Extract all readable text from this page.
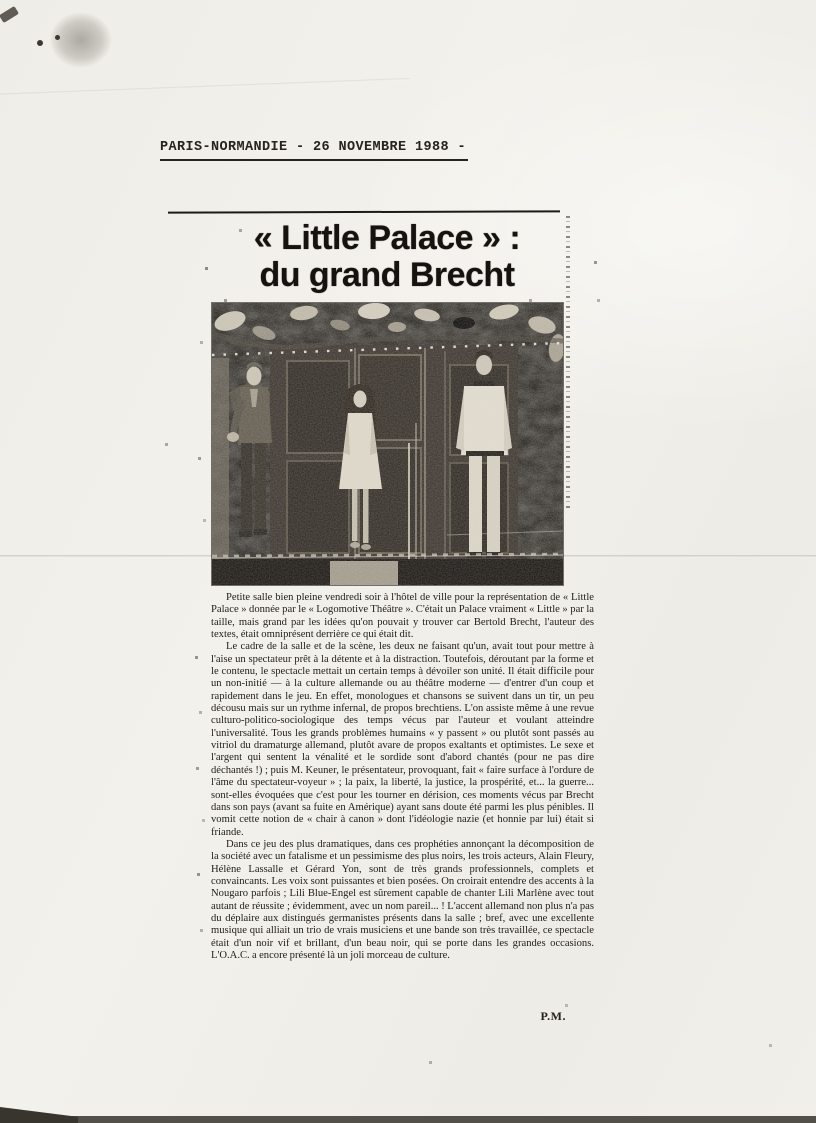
PARIS-NORMANDIE - 26 NOVEMBRE 1988 -
« Little Palace » :
du grand Brecht

Petite salle bien pleine vendredi soir à l'hôtel de ville pour la représentation de « Little Palace » donnée par le « Logomotive Théâtre ». C'était un Palace vraiment « Little » par la taille, mais grand par les idées qu'on pouvait y trouver car Bertold Brecht, l'auteur des textes, était omniprésent derrière ce qui était dit.

Le cadre de la salle et de la scène, les deux ne faisant qu'un, avait tout pour mettre à l'aise un spectateur prêt à la détente et à la distraction. Toutefois, déroutant par la forme et le contenu, le spectacle mettait un certain temps à dévoiler son unité. Il était difficile pour un non-initié — à la culture allemande ou au théâtre moderne — d'entrer d'un coup et rapidement dans le jeu. En effet, monologues et chansons se suivent dans un tir, un peu décousu mais sur un rythme infernal, de propos brechtiens. L'on assiste même à une revue culturo-politico-sociologique des temps vécus par l'auteur et voulant atteindre l'universalité. Tous les grands problèmes humains « y passent » ou plutôt sont passés au vitriol du dramaturge allemand, plutôt avare de propos exaltants et optimistes. Le sexe et l'argent qui sentent la vénalité et le sordide sont d'abord chantés (pour ne pas dire déchantés !) ; puis M. Keuner, le présentateur, provoquant, fait « faire surface à l'ordure de l'âme du spectateur-voyeur » ; la paix, la liberté, la justice, la prospérité, et... la guerre... sont-elles évoquées que c'est pour les tourner en dérision, ces moments vécus par Brecht dans son pays (avant sa fuite en Amérique) ayant sans doute été parmi les plus pénibles. Il vomit cette notion de « chair à canon » dont l'idéologie nazie (et honnie par lui) était si friande.

Dans ce jeu des plus dramatiques, dans ces prophéties annonçant la décomposition de la société avec un fatalisme et un pessimisme des plus noirs, les trois acteurs, Alain Fleury, Hélène Lassalle et Gérard Yon, sont de très grands professionnels, complets et convaincants. Les voix sont puissantes et bien posées. On croirait entendre des accents à la Nougaro parfois ; Lili Blue-Engel est sûrement capable de chanter Lili Marlène avec tout autant de réussite ; évidemment, avec un nom pareil... ! L'accent allemand non plus n'a pas du déplaire aux distingués germanistes présents dans la salle ; bref, avec une excellente musique qui alliait un trio de vrais musiciens et une bande son très travaillée, ce spectacle était d'un noir vif et brillant, d'un beau noir, qui se porte dans les grandes occasions. L'O.A.C. a encore présenté là un joli morceau de culture.

P.M.
